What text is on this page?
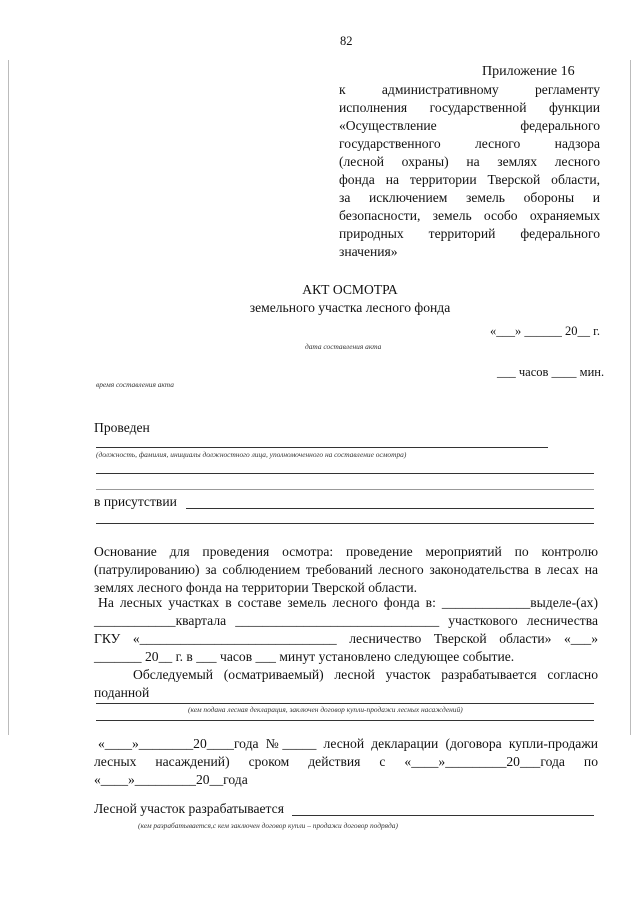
82
Приложение 16
к административному регламенту
исполнения государственной функции
«Осуществление федерального
государственного лесного надзора
(лесной охраны) на землях лесного
фонда на территории Тверской области,
за исключением земель обороны и
безопасности, земель особо охраняемых
природных территорий федерального
значения»
АКТ ОСМОТРА
земельного участка лесного фонда
«___» ______ 20__ г.
дата составления акта
___ часов ____ мин.
время составления акта
Проведен
(должность, фамилия, инициалы должностного лица, уполномоченного на составление осмотра)
в присутствии
Основание для проведения осмотра: проведение мероприятий по контролю
(патрулированию) за соблюдением требований лесного законодательства в лесах на
землях лесного фонда на территории Тверской области.
На лесных участках в составе земель лесного фонда в: _____________выделе-(ах)
____________квартала ______________________________ участкового лесничества
ГКУ «_____________________________ лесничество Тверской области» «___»
_______ 20__ г. в ___ часов ___ минут установлено следующее событие.
Обследуемый (осматриваемый) лесной участок разрабатывается согласно
поданной
(кем подана лесная декларация, заключен договор купли-продажи лесных насаждений)
«____»________20____года №_____ лесной декларации (договора купли-продажи
лесных насаждений) сроком действия с «____»_________20___года по
«____»_________20__года
Лесной участок разрабатывается
(кем разрабатывается,с кем заключен договор купли – продажи договор подряда)
